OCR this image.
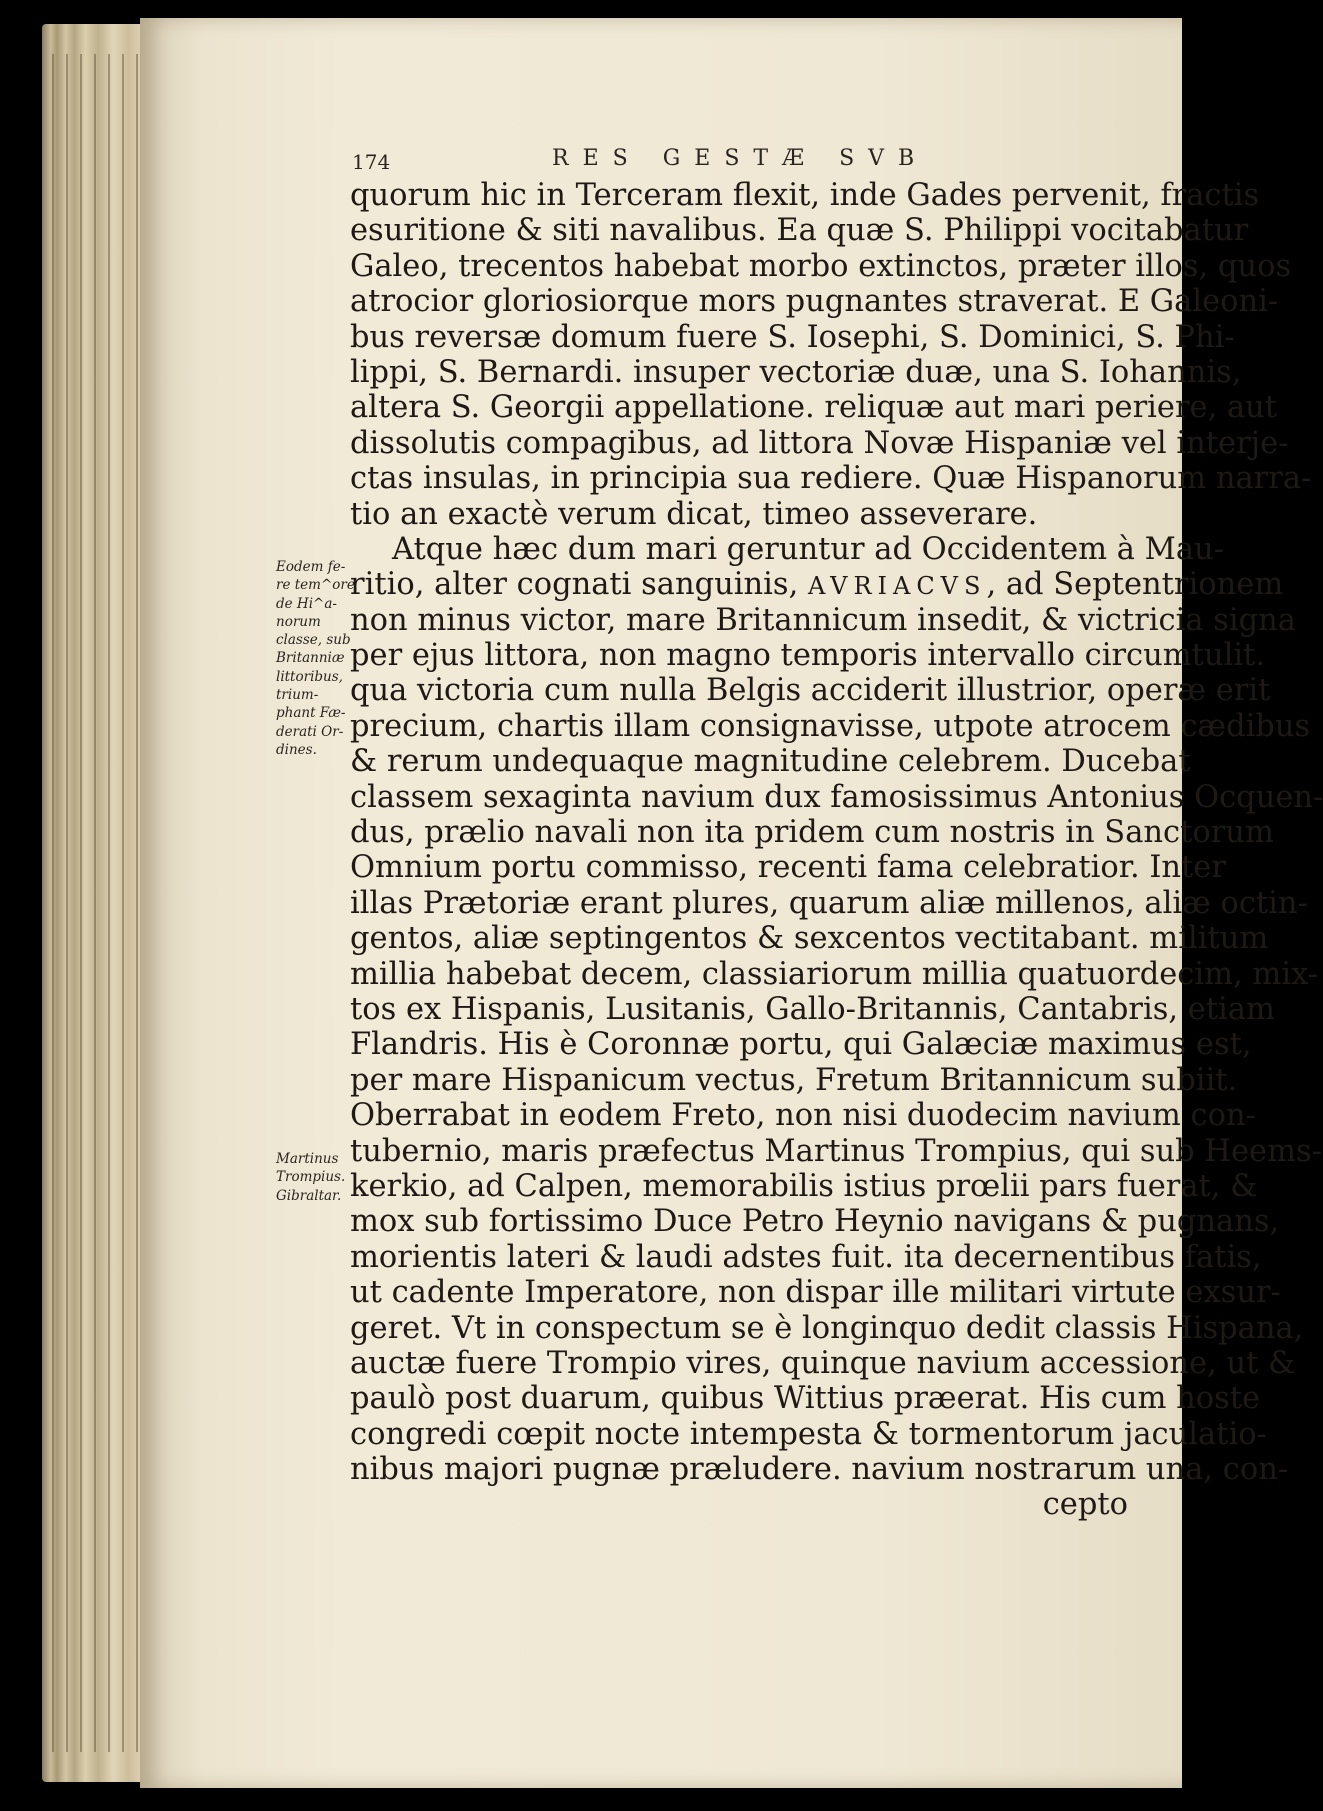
174	RES GESTÆ SVB
Eodem fe-
re tem^ore
de Hi^a-
norum
classe, sub
Britanniæ
littoribus,
trium-
phant Fæ-
derati Or-
dines.
Martinus
Trompius.
Gibraltar.
quorum hic in Terceram flexit, inde Gades pervenit, fractis
esuritione & siti navalibus. Ea quæ S. Philippi vocitabatur
Galeo, trecentos habebat morbo extinctos, præter illos, quos
atrocior gloriosiorque mors pugnantes straverat. E Galeoni-
bus reversæ domum fuere S. Iosephi, S. Dominici, S. Phi-
lippi, S. Bernardi. insuper vectoriæ duæ, una S. Iohannis,
altera S. Georgii appellatione. reliquæ aut mari periere, aut
dissolutis compagibus, ad littora Novæ Hispaniæ vel interje-
ctas insulas, in principia sua rediere. Quæ Hispanorum narra-
tio an exactè verum dicat, timeo asseverare.
Atque hæc dum mari geruntur ad Occidentem à Mau-
ritio, alter cognati sanguinis, AVRIACVS, ad Septentrionem
non minus victor, mare Britannicum insedit, & victricia signa
per ejus littora, non magno temporis intervallo circumtulit.
qua victoria cum nulla Belgis acciderit illustrior, operæ erit
precium, chartis illam consignavisse, utpote atrocem cædibus
& rerum undequaque magnitudine celebrem. Ducebat
classem sexaginta navium dux famosissimus Antonius Ocquen-
dus, prælio navali non ita pridem cum nostris in Sanctorum
Omnium portu commisso, recenti fama celebratior. Inter
illas Prætoriæ erant plures, quarum aliæ millenos, aliæ octin-
gentos, aliæ septingentos & sexcentos vectitabant. militum
millia habebat decem, classiariorum millia quatuordecim, mix-
tos ex Hispanis, Lusitanis, Gallo-Britannis, Cantabris, etiam
Flandris. His è Coronnæ portu, qui Galæciæ maximus est,
per mare Hispanicum vectus, Fretum Britannicum subiit.
Oberrabat in eodem Freto, non nisi duodecim navium con-
tubernio, maris præfectus Martinus Trompius, qui sub Heems-
kerkio, ad Calpen, memorabilis istius prœlii pars fuerat, &
mox sub fortissimo Duce Petro Heynio navigans & pugnans,
morientis lateri & laudi adstes fuit. ita decernentibus fatis,
ut cadente Imperatore, non dispar ille militari virtute exsur-
geret. Vt in conspectum se è longinquo dedit classis Hispana,
auctæ fuere Trompio vires, quinque navium accessione, ut &
paulò post duarum, quibus Wittius præerat. His cum hoste
congredi cœpit nocte intempesta & tormentorum jaculatio-
nibus majori pugnæ præludere. navium nostrarum una, con-
cepto
